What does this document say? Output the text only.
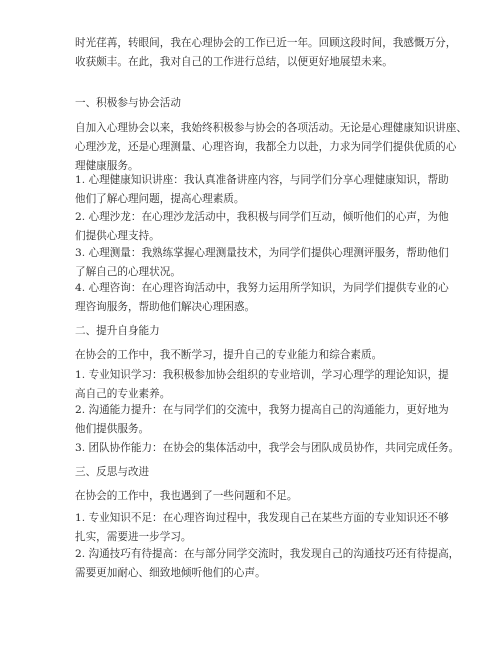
时光荏苒，转眼间，我在心理协会的工作已近一年。回顾这段时间，我感慨万分，
收获颇丰。在此，我对自己的工作进行总结，以便更好地展望未来。

一、积极参与协会活动

自加入心理协会以来，我始终积极参与协会的各项活动。无论是心理健康知识讲座、
心理沙龙，还是心理测量、心理咨询，我都全力以赴，力求为同学们提供优质的心
理健康服务。

1. 心理健康知识讲座：我认真准备讲座内容，与同学们分享心理健康知识，帮助
他们了解心理问题，提高心理素质。

2. 心理沙龙：在心理沙龙活动中，我积极与同学们互动，倾听他们的心声，为他
们提供心理支持。

3. 心理测量：我熟练掌握心理测量技术，为同学们提供心理测评服务，帮助他们
了解自己的心理状况。

4. 心理咨询：在心理咨询活动中，我努力运用所学知识，为同学们提供专业的心
理咨询服务，帮助他们解决心理困惑。

二、提升自身能力

在协会的工作中，我不断学习，提升自己的专业能力和综合素质。

1. 专业知识学习：我积极参加协会组织的专业培训，学习心理学的理论知识，提
高自己的专业素养。

2. 沟通能力提升：在与同学们的交流中，我努力提高自己的沟通能力，更好地为
他们提供服务。

3. 团队协作能力：在协会的集体活动中，我学会与团队成员协作，共同完成任务。

三、反思与改进

在协会的工作中，我也遇到了一些问题和不足。

1. 专业知识不足：在心理咨询过程中，我发现自己在某些方面的专业知识还不够
扎实，需要进一步学习。

2. 沟通技巧有待提高：在与部分同学交流时，我发现自己的沟通技巧还有待提高，
需要更加耐心、细致地倾听他们的心声。
